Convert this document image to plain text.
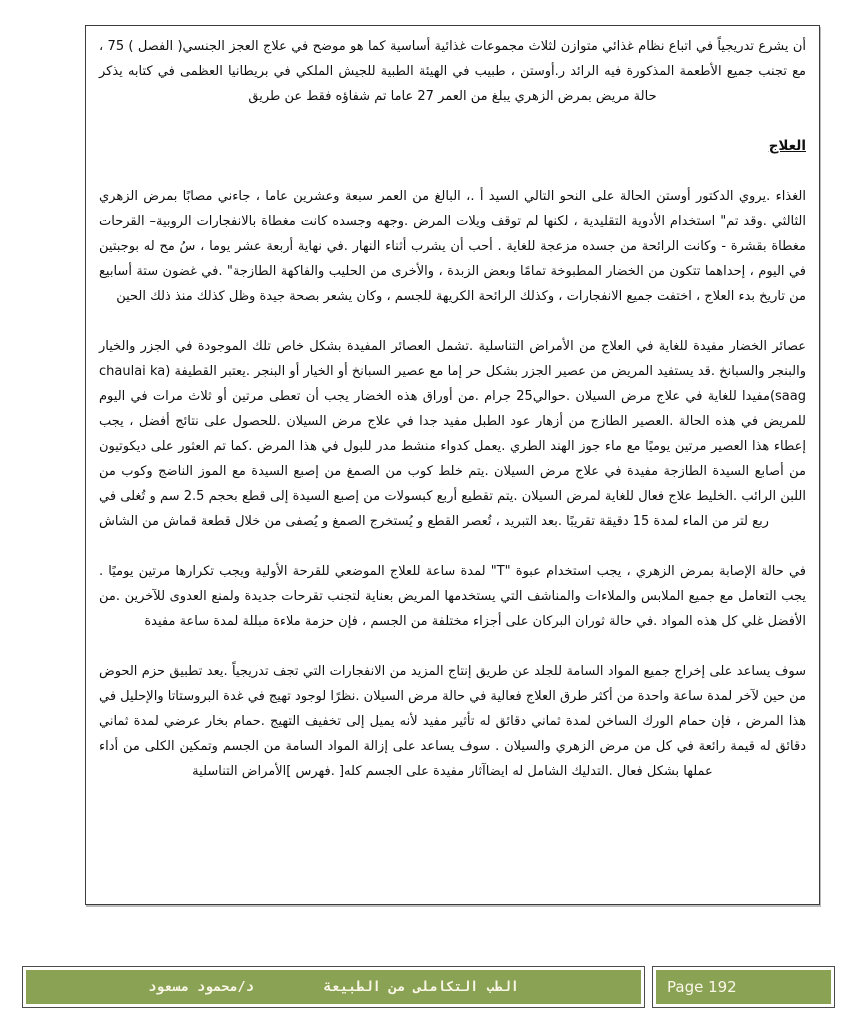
أن يشرع تدريجياً في اتباع نظام غذائي متوازن لثلاث مجموعات غذائية أساسية كما هو موضح في علاج العجز الجنسي( الفصل ) 75 ، مع تجنب جميع الأطعمة المذكورة فيه الرائد ر.أوستن ، طبيب في الهيئة الطبية للجيش الملكي في بريطانيا العظمى في كتابه يذكر حالة مريض بمرض الزهري يبلغ من العمر 27 عاما تم شفاؤه فقط عن طريق

العلاج

الغذاء .يروي الدكتور أوستن الحالة على النحو التالي السيد أ .، البالغ من العمر سبعة وعشرين عاما ، جاءني مصابًا بمرض الزهري الثالثي .وقد تم" استخدام الأدوية التقليدية ، لكنها لم توقف ويلات المرض .وجهه وجسده كانت مغطاة بالانفجارات الروبية– القرحات مغطاة بقشرة - وكانت الرائحة من جسده مزعجة للغاية . أحب أن يشرب أثناء النهار .في نهاية أربعة عشر يوما ، سُ مح له بوجبتين في اليوم ، إحداهما تتكون من الخضار المطبوخة تمامًا وبعض الزبدة ، والأخرى من الحليب والفاكهة الطازجة" .في غضون ستة أسابيع من تاريخ بدء العلاج ، اختفت جميع الانفجارات ، وكذلك الرائحة الكريهة للجسم ، وكان يشعر بصحة جيدة وظل كذلك منذ ذلك الحين

عصائر الخضار مفيدة للغاية في العلاج من الأمراض التناسلية .تشمل العصائر المفيدة بشكل خاص تلك الموجودة في الجزر والخيار والبنجر والسبانخ .قد يستفيد المريض من عصير الجزر بشكل حر إما مع عصير السبانخ أو الخيار أو البنجر .يعتبر القطيفة (chaulai ka saag)مفيدا للغاية في علاج مرض السيلان .حوالي25 جرام .من أوراق هذه الخضار يجب أن تعطى مرتين أو ثلاث مرات في اليوم للمريض في هذه الحالة .العصير الطازج من أزهار عود الطبل مفيد جدا في علاج مرض السيلان .للحصول على نتائج أفضل ، يجب إعطاء هذا العصير مرتين يوميًا مع ماء جوز الهند الطري .يعمل كدواء منشط مدر للبول في هذا المرض .كما تم العثور على ديكوتيون من أصابع السيدة الطازجة مفيدة في علاج مرض السيلان .يتم خلط كوب من الصمغ من إصبع السيدة مع الموز الناضج وكوب من اللبن الرائب .الخليط علاج فعال للغاية لمرض السيلان .يتم تقطيع أربع كبسولات من إصبع السيدة إلى قطع بحجم 2.5 سم و تُغلى في ربع لتر من الماء لمدة 15 دقيقة تقريبًا .بعد التبريد ، تُعصر القطع و يُستخرج الصمغ و يُصفى من خلال قطعة قماش من الشاش

في حالة الإصابة بمرض الزهري ، يجب استخدام عبوة "T" لمدة ساعة للعلاج الموضعي للقرحة الأولية ويجب تكرارها مرتين يوميًا . يجب التعامل مع جميع الملابس والملاءات والمناشف التي يستخدمها المريض بعناية لتجنب تقرحات جديدة ولمنع العدوى للآخرين .من الأفضل غلي كل هذه المواد .في حالة ثوران البركان على أجزاء مختلفة من الجسم ، فإن حزمة ملاءة مبللة لمدة ساعة مفيدة

سوف يساعد على إخراج جميع المواد السامة للجلد عن طريق إنتاج المزيد من الانفجارات التي تجف تدريجياً .يعد تطبيق حزم الحوض من حين لآخر لمدة ساعة واحدة من أكثر طرق العلاج فعالية في حالة مرض السيلان .نظرًا لوجود تهيج في غدة البروستاتا والإحليل في هذا المرض ، فإن حمام الورك الساخن لمدة ثماني دقائق له تأثير مفيد لأنه يميل إلى تخفيف التهيج .حمام بخار عرضي لمدة ثماني دقائق له قيمة رائعة في كل من مرض الزهري والسيلان . سوف يساعد على إزالة المواد السامة من الجسم وتمكين الكلى من أداء عملها بشكل فعال .التدليك الشامل له ايضاآثار مفيدة على الجسم كله[ .فهرس ]الأمراض التناسلية

الطب التكاملى من الطبيعة
د/محمود مسعود	Page 192
